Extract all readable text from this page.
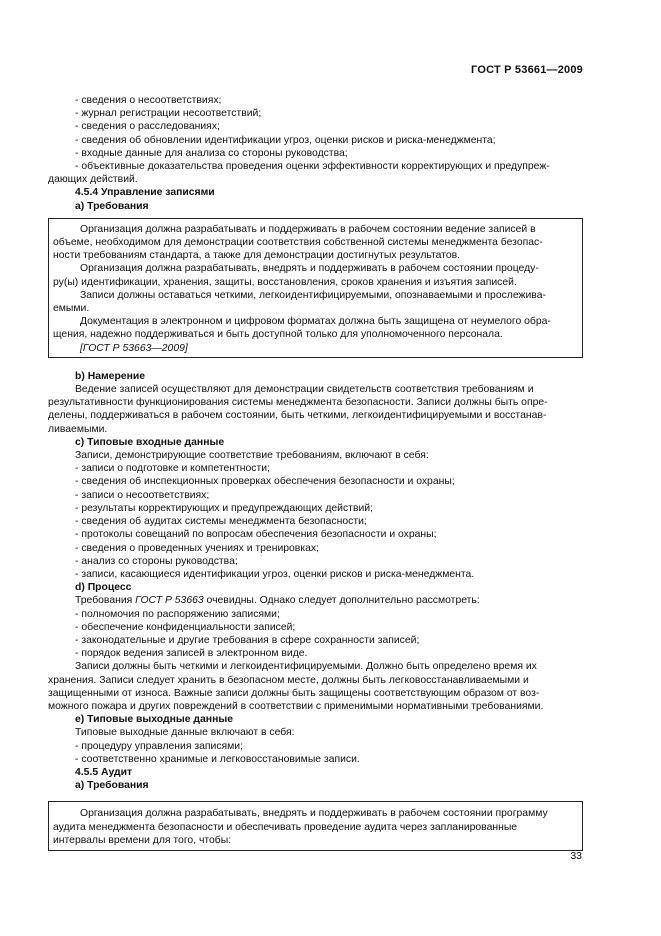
ГОСТ Р 53661—2009
- сведения о несоответствиях;
- журнал регистрации несоответствий;
- сведения о расследованиях;
- сведения об обновлении идентификации угроз, оценки рисков и риска-менеджмента;
- входные данные для анализа со стороны руководства;
- объективные доказательства проведения оценки эффективности корректирующих и предупреж-
дающих действий.
4.5.4 Управление записями
a) Требования
Организация должна разрабатывать и поддерживать в рабочем состоянии ведение записей в
объеме, необходимом для демонстрации соответствия собственной системы менеджмента безопас-
ности требованиям стандарта, а также для демонстрации достигнутых результатов.
Организация должна разрабатывать, внедрять и поддерживать в рабочем состоянии процеду-
ру(ы) идентификации, хранения, защиты, восстановления, сроков хранения и изъятия записей.
Записи должны оставаться четкими, легкоидентифицируемыми, опознаваемыми и прослежива-
емыми.
Документация в электронном и цифровом форматах должна быть защищена от неумелого обра-
щения, надежно поддерживаться и быть доступной только для уполномоченного персонала.
[ГОСТ Р 53663—2009]
b) Намерение
Ведение записей осуществляют для демонстрации свидетельств соответствия требованиям и
результативности функционирования системы менеджмента безопасности. Записи должны быть опре-
делены, поддерживаться в рабочем состоянии, быть четкими, легкоидентифицируемыми и восстанав-
ливаемыми.
c) Типовые входные данные
Записи, демонстрирующие соответствие требованиям, включают в себя:
- записи о подготовке и компетентности;
- сведения об инспекционных проверках обеспечения безопасности и охраны;
- записи о несоответствиях;
- результаты корректирующих и предупреждающих действий;
- сведения об аудитах системы менеджмента безопасности;
- протоколы совещаний по вопросам обеспечения безопасности и охраны;
- сведения о проведенных учениях и тренировках;
- анализ со стороны руководства;
- записи, касающиеся идентификации угроз, оценки рисков и риска-менеджмента.
d) Процесс
Требования ГОСТ Р 53663 очевидны. Однако следует дополнительно рассмотреть:
- полномочия по распоряжению записями;
- обеспечение конфиденциальности записей;
- законодательные и другие требования в сфере сохранности записей;
- порядок ведения записей в электронном виде.
Записи должны быть четкими и легкоидентифицируемыми. Должно быть определено время их
хранения. Записи следует хранить в безопасном месте, должны быть легковосстанавливаемыми и
защищенными от износа. Важные записи должны быть защищены соответствующим образом от воз-
можного пожара и других повреждений в соответствии с применимыми нормативными требованиями.
e) Типовые выходные данные
Типовые выходные данные включают в себя:
- процедуру управления записями;
- соответственно хранимые и легковосстановимые записи.
4.5.5 Аудит
a) Требования
Организация должна разрабатывать, внедрять и поддерживать в рабочем состоянии программу
аудита менеджмента безопасности и обеспечивать проведение аудита через запланированные
интервалы времени для того, чтобы:
33
